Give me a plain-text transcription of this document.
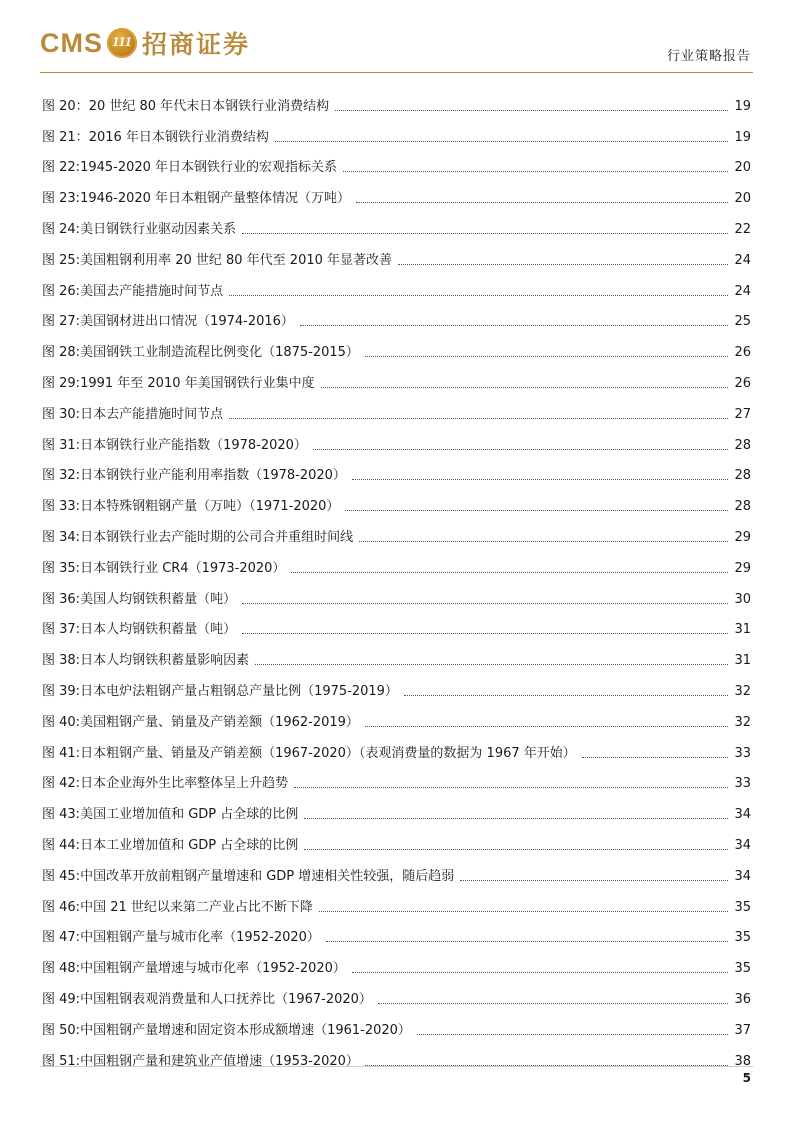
CMS 111 招商证券	行业策略报告
图 20： 20 世纪 80 年代末日本钢铁行业消费结构	19
图 21： 2016 年日本钢铁行业消费结构	19
图 22: 1945-2020 年日本钢铁行业的宏观指标关系	20
图 23: 1946-2020 年日本粗钢产量整体情况（万吨）	20
图 24: 美日钢铁行业驱动因素关系	22
图 25: 美国粗钢利用率 20 世纪 80 年代至 2010 年显著改善	24
图 26: 美国去产能措施时间节点	24
图 27: 美国钢材进出口情况（1974-2016）	25
图 28: 美国钢铁工业制造流程比例变化（1875-2015）	26
图 29: 1991 年至 2010 年美国钢铁行业集中度	26
图 30: 日本去产能措施时间节点	27
图 31: 日本钢铁行业产能指数（1978-2020）	28
图 32: 日本钢铁行业产能利用率指数（1978-2020）	28
图 33: 日本特殊钢粗钢产量（万吨）（1971-2020）	28
图 34: 日本钢铁行业去产能时期的公司合并重组时间线	29
图 35: 日本钢铁行业 CR4（1973-2020）	29
图 36: 美国人均钢铁积蓄量（吨）	30
图 37: 日本人均钢铁积蓄量（吨）	31
图 38: 日本人均钢铁积蓄量影响因素	31
图 39: 日本电炉法粗钢产量占粗钢总产量比例（1975-2019）	32
图 40: 美国粗钢产量、销量及产销差额（1962-2019）	32
图 41: 日本粗钢产量、销量及产销差额（1967-2020）（表观消费量的数据为 1967 年开始）	33
图 42: 日本企业海外生比率整体呈上升趋势	33
图 43: 美国工业增加值和 GDP 占全球的比例	34
图 44: 日本工业增加值和 GDP 占全球的比例	34
图 45: 中国改革开放前粗钢产量增速和 GDP 增速相关性较强，随后趋弱	34
图 46: 中国 21 世纪以来第二产业占比不断下降	35
图 47: 中国粗钢产量与城市化率（1952-2020）	35
图 48: 中国粗钢产量增速与城市化率（1952-2020）	35
图 49: 中国粗钢表观消费量和人口抚养比（1967-2020）	36
图 50: 中国粗钢产量增速和固定资本形成额增速（1961-2020）	37
图 51: 中国粗钢产量和建筑业产值增速（1953-2020）	38
5
